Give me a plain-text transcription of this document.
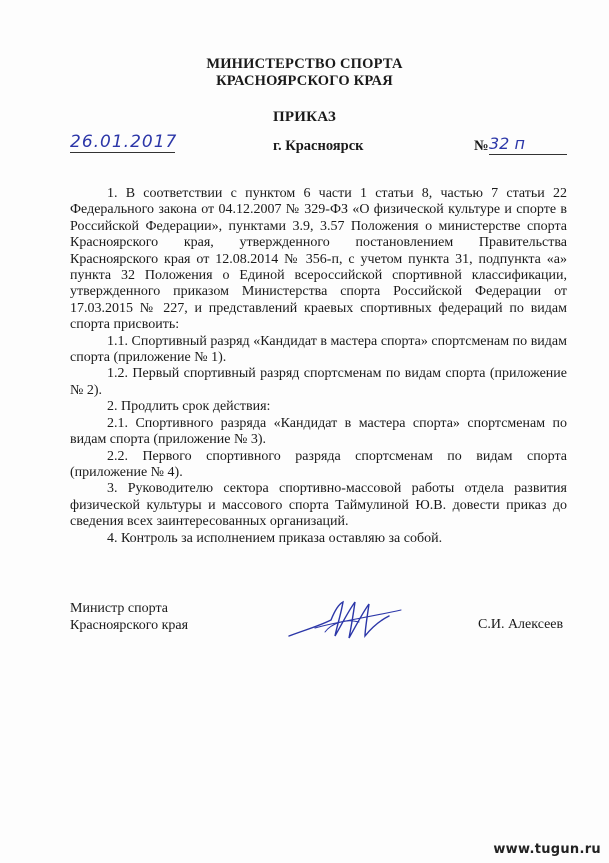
МИНИСТЕРСТВО СПОРТА
КРАСНОЯРСКОГО КРАЯ
ПРИКАЗ
26.01.2017	г. Красноярск	№ 32 п

1. В соответствии с пунктом 6 части 1 статьи 8, частью 7 статьи 22 Федерального закона от 04.12.2007 № 329-ФЗ «О физической культуре и спорте в Российской Федерации», пунктами 3.9, 3.57 Положения о министерстве спорта Красноярского края, утвержденного постановлением Правительства Красноярского края от 12.08.2014 № 356-п, с учетом пункта 31, подпункта «а» пункта 32 Положения о Единой всероссийской спортивной классификации, утвержденного приказом Министерства спорта Российской Федерации от 17.03.2015 № 227, и представлений краевых спортивных федераций по видам спорта присвоить:

1.1. Спортивный разряд «Кандидат в мастера спорта» спортсменам по видам спорта (приложение № 1).

1.2. Первый спортивный разряд спортсменам по видам спорта (приложение № 2).

2. Продлить срок действия:

2.1. Спортивного разряда «Кандидат в мастера спорта» спортсменам по видам спорта (приложение № 3).

2.2. Первого спортивного разряда спортсменам по видам спорта (приложение № 4).

3. Руководителю сектора спортивно-массовой работы отдела развития физической культуры и массового спорта Таймулиной Ю.В. довести приказ до сведения всех заинтересованных организаций.

4. Контроль за исполнением приказа оставляю за собой.

Министр спорта
Красноярского края	С.И. Алексеев
www.tugun.ru
